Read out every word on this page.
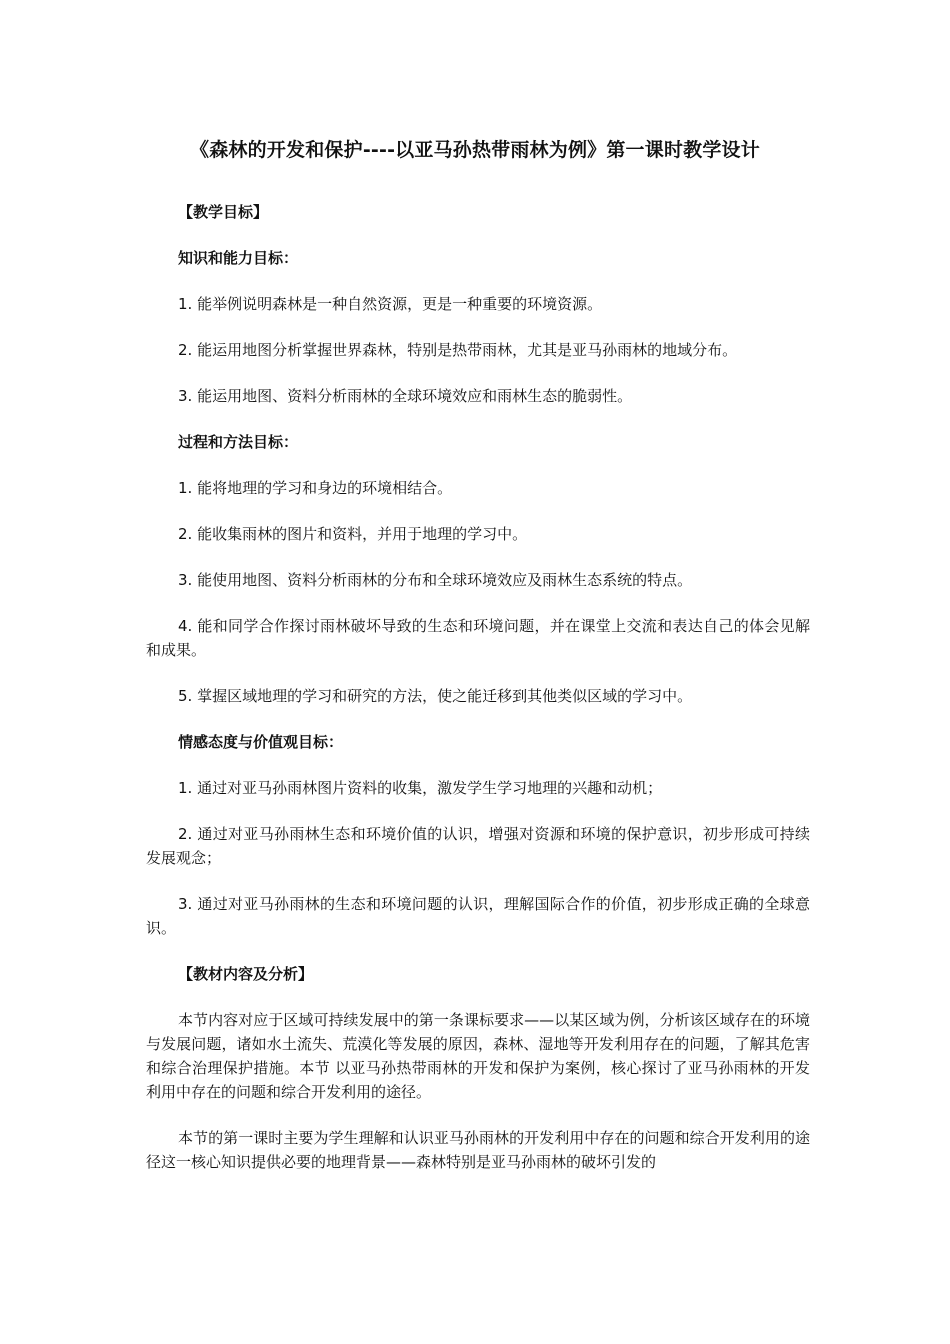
《森林的开发和保护----以亚马孙热带雨林为例》第一课时教学设计
【教学目标】
知识和能力目标：
1. 能举例说明森林是一种自然资源，更是一种重要的环境资源。
2. 能运用地图分析掌握世界森林，特别是热带雨林，尤其是亚马孙雨林的地域分布。
3. 能运用地图、资料分析雨林的全球环境效应和雨林生态的脆弱性。
过程和方法目标：
1. 能将地理的学习和身边的环境相结合。
2. 能收集雨林的图片和资料，并用于地理的学习中。
3. 能使用地图、资料分析雨林的分布和全球环境效应及雨林生态系统的特点。
4. 能和同学合作探讨雨林破坏导致的生态和环境问题，并在课堂上交流和表达自己的体会见解和成果。
5. 掌握区域地理的学习和研究的方法，使之能迁移到其他类似区域的学习中。
情感态度与价值观目标：
1. 通过对亚马孙雨林图片资料的收集，激发学生学习地理的兴趣和动机；
2. 通过对亚马孙雨林生态和环境价值的认识，增强对资源和环境的保护意识，初步形成可持续发展观念；
3. 通过对亚马孙雨林的生态和环境问题的认识，理解国际合作的价值，初步形成正确的全球意识。
【教材内容及分析】
本节内容对应于区域可持续发展中的第一条课标要求——以某区域为例，分析该区域存在的环境与发展问题，诸如水土流失、荒漠化等发展的原因，森林、湿地等开发利用存在的问题，了解其危害和综合治理保护措施。本节 以亚马孙热带雨林的开发和保护为案例，核心探讨了亚马孙雨林的开发利用中存在的问题和综合开发利用的途径。
本节的第一课时主要为学生理解和认识亚马孙雨林的开发利用中存在的问题和综合开发利用的途径这一核心知识提供必要的地理背景——森林特别是亚马孙雨林的破坏引发的
